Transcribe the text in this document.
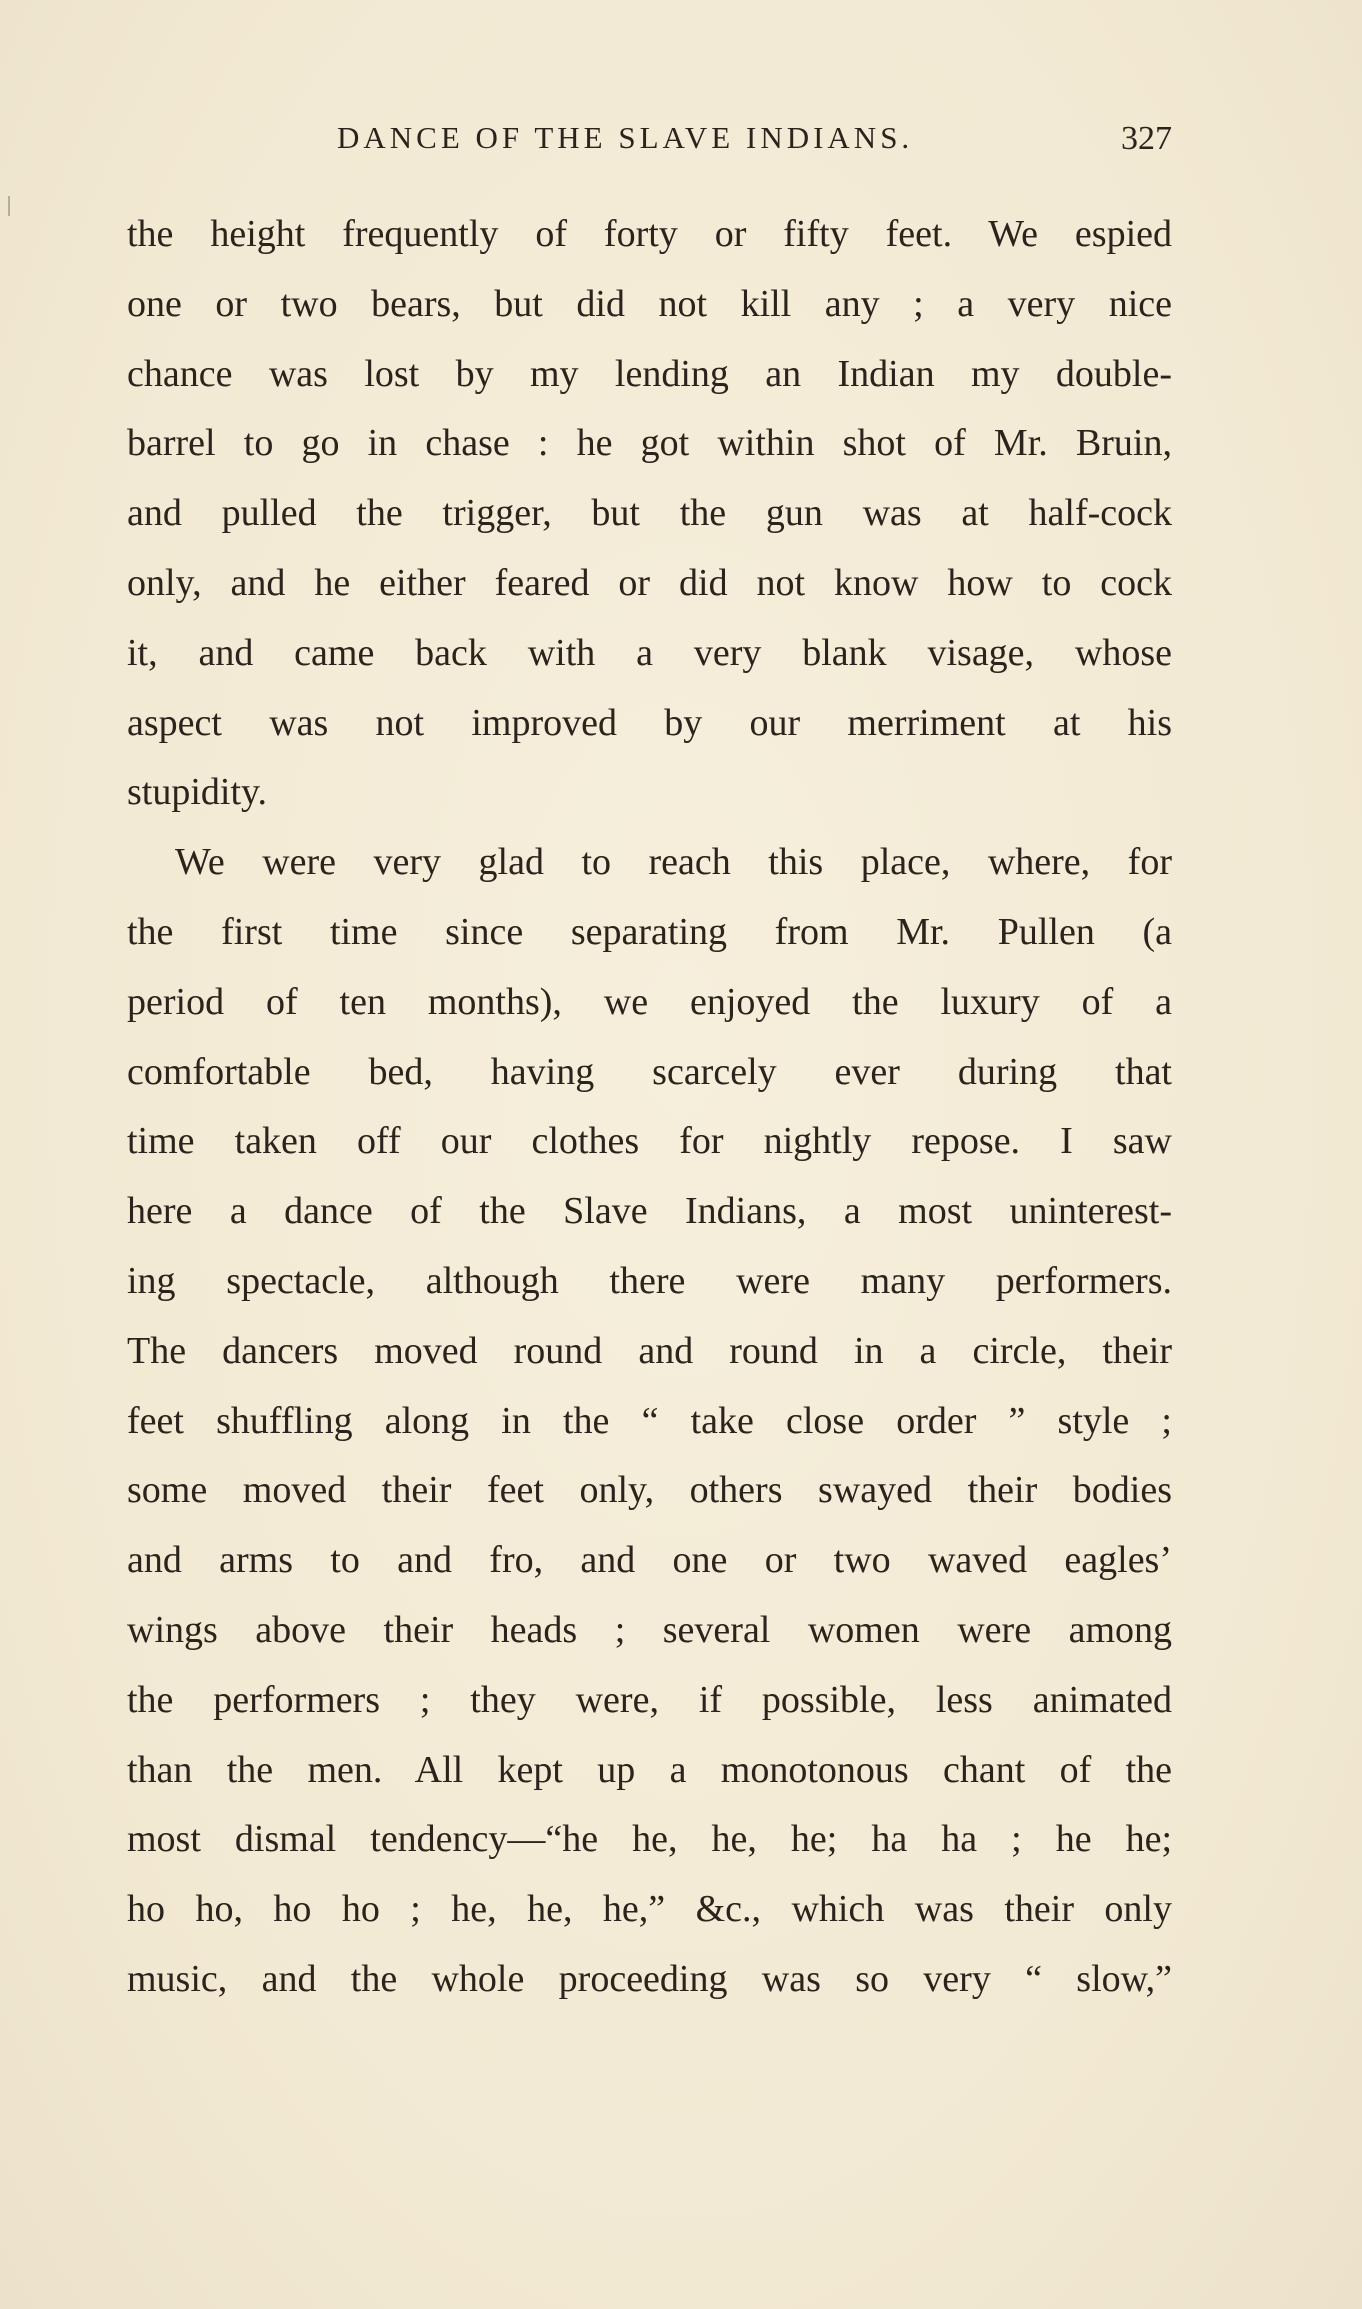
DANCE OF THE SLAVE INDIANS.	327
the height frequently of forty or fifty feet. We espied
one or two bears, but did not kill any ; a very nice
chance was lost by my lending an Indian my double-
barrel to go in chase : he got within shot of Mr. Bruin,
and pulled the trigger, but the gun was at half-cock
only, and he either feared or did not know how to cock
it, and came back with a very blank visage, whose
aspect was not improved by our merriment at his
stupidity.
We were very glad to reach this place, where, for
the first time since separating from Mr. Pullen (a
period of ten months), we enjoyed the luxury of a
comfortable bed, having scarcely ever during that
time taken off our clothes for nightly repose. I saw
here a dance of the Slave Indians, a most uninterest-
ing spectacle, although there were many performers.
The dancers moved round and round in a circle, their
feet shuffling along in the “ take close order ” style ;
some moved their feet only, others swayed their bodies
and arms to and fro, and one or two waved eagles’
wings above their heads ; several women were among
the performers ; they were, if possible, less animated
than the men. All kept up a monotonous chant of the
most dismal tendency—“he he, he, he; ha ha ; he he;
ho ho, ho ho ; he, he, he,” &c., which was their only
music, and the whole proceeding was so very “ slow,”
